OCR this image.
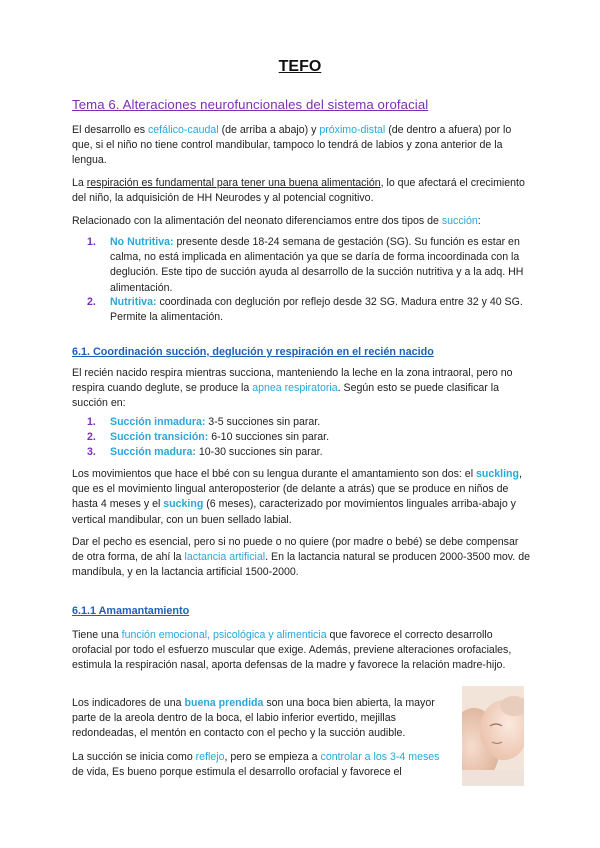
TEFO
Tema 6. Alteraciones neurofuncionales del sistema orofacial

El desarrollo es cefálico-caudal (de arriba a abajo) y próximo-distal (de dentro a afuera) por lo que, si el niño no tiene control mandibular, tampoco lo tendrá de labios y zona anterior de la lengua.

La respiración es fundamental para tener una buena alimentación, lo que afectará el crecimiento del niño, la adquisición de HH Neurodes y al potencial cognitivo.

Relacionado con la alimentación del neonato diferenciamos entre dos tipos de succión:

1.	No Nutritiva: presente desde 18-24 semana de gestación (SG). Su función es estar en calma, no está implicada en alimentación ya que se daría de forma incoordinada con la deglución. Este tipo de succión ayuda al desarrollo de la succión nutritiva y a la adq. HH alimentación.
2.	Nutritiva: coordinada con deglución por reflejo desde 32 SG. Madura entre 32 y 40 SG. Permite la alimentación.
6.1. Coordinación succión, deglución y respiración en el recién nacido

El recién nacido respira mientras succiona, manteniendo la leche en la zona intraoral, pero no respira cuando deglute, se produce la apnea respiratoria. Según esto se puede clasificar la succión en:

1.	Succión inmadura: 3-5 succiones sin parar.
2.	Succión transición: 6-10 succiones sin parar.
3.	Succión madura: 10-30 succiones sin parar.

Los movimientos que hace el bbé con su lengua durante el amantamiento son dos: el suckling, que es el movimiento lingual anteroposterior (de delante a atrás) que se produce en niños de hasta 4 meses y el sucking (6 meses), caracterizado por movimientos linguales arriba-abajo y vertical mandibular, con un buen sellado labial.

Dar el pecho es esencial, pero si no puede o no quiere (por madre o bebé) se debe compensar de otra forma, de ahí la lactancia artificial. En la lactancia natural se producen 2000-3500 mov. de mandíbula, y en la lactancia artificial 1500-2000.

6.1.1 Amamantamiento

Tiene una función emocional, psicológica y alimenticia que favorece el correcto desarrollo orofacial por todo el esfuerzo muscular que exige. Además, previene alteraciones orofaciales, estimula la respiración nasal, aporta defensas de la madre y favorece la relación madre-hijo.

Los indicadores de una buena prendida son una boca bien abierta, la mayor parte de la areola dentro de la boca, el labio inferior evertido, mejillas redondeadas, el mentón en contacto con el pecho y la succión audible.

La succión se inicia como reflejo, pero se empieza a controlar a los 3-4 meses de vida, Es bueno porque estimula el desarrollo orofacial y favorece el
